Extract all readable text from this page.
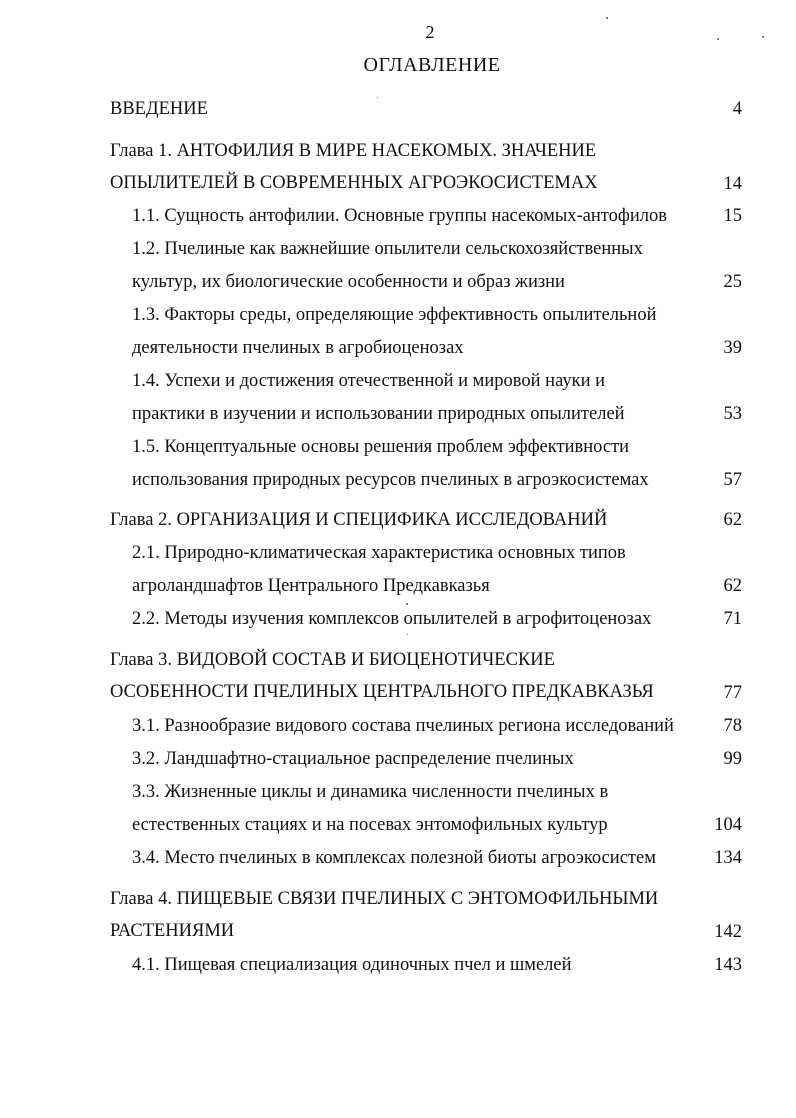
2
ОГЛАВЛЕНИЕ
ВВЕДЕНИЕ	4
Глава 1. АНТОФИЛИЯ В МИРЕ НАСЕКОМЫХ. ЗНАЧЕНИЕ
ОПЫЛИТЕЛЕЙ В СОВРЕМЕННЫХ АГРОЭКОСИСТЕМАХ	14
1.1. Сущность антофилии. Основные группы насекомых-антофилов	15
1.2. Пчелиные как важнейшие опылители сельскохозяйственных
культур, их биологические особенности и образ жизни	25
1.3. Факторы среды, определяющие эффективность опылительной
деятельности пчелиных в агробиоценозах	39
1.4. Успехи и достижения отечественной и мировой науки и
практики в изучении и использовании природных опылителей	53
1.5. Концептуальные основы решения проблем эффективности
использования природных ресурсов пчелиных в агроэкосистемах	57
Глава 2. ОРГАНИЗАЦИЯ И СПЕЦИФИКА ИССЛЕДОВАНИЙ	62
2.1. Природно-климатическая характеристика основных типов
агроландшафтов Центрального Предкавказья	62
2.2. Методы изучения комплексов опылителей в агрофитоценозах	71
Глава 3. ВИДОВОЙ СОСТАВ И БИОЦЕНОТИЧЕСКИЕ
ОСОБЕННОСТИ ПЧЕЛИНЫХ ЦЕНТРАЛЬНОГО ПРЕДКАВКАЗЬЯ	77
3.1. Разнообразие видового состава пчелиных региона исследований	78
3.2. Ландшафтно-стациальное распределение пчелиных	99
3.3. Жизненные циклы и динамика численности пчелиных в
естественных стациях и на посевах энтомофильных культур	104
3.4. Место пчелиных в комплексах полезной биоты агроэкосистем	134
Глава 4. ПИЩЕВЫЕ СВЯЗИ ПЧЕЛИНЫХ С ЭНТОМОФИЛЬНЫМИ
РАСТЕНИЯМИ	142
4.1. Пищевая специализация одиночных пчел и шмелей	143
